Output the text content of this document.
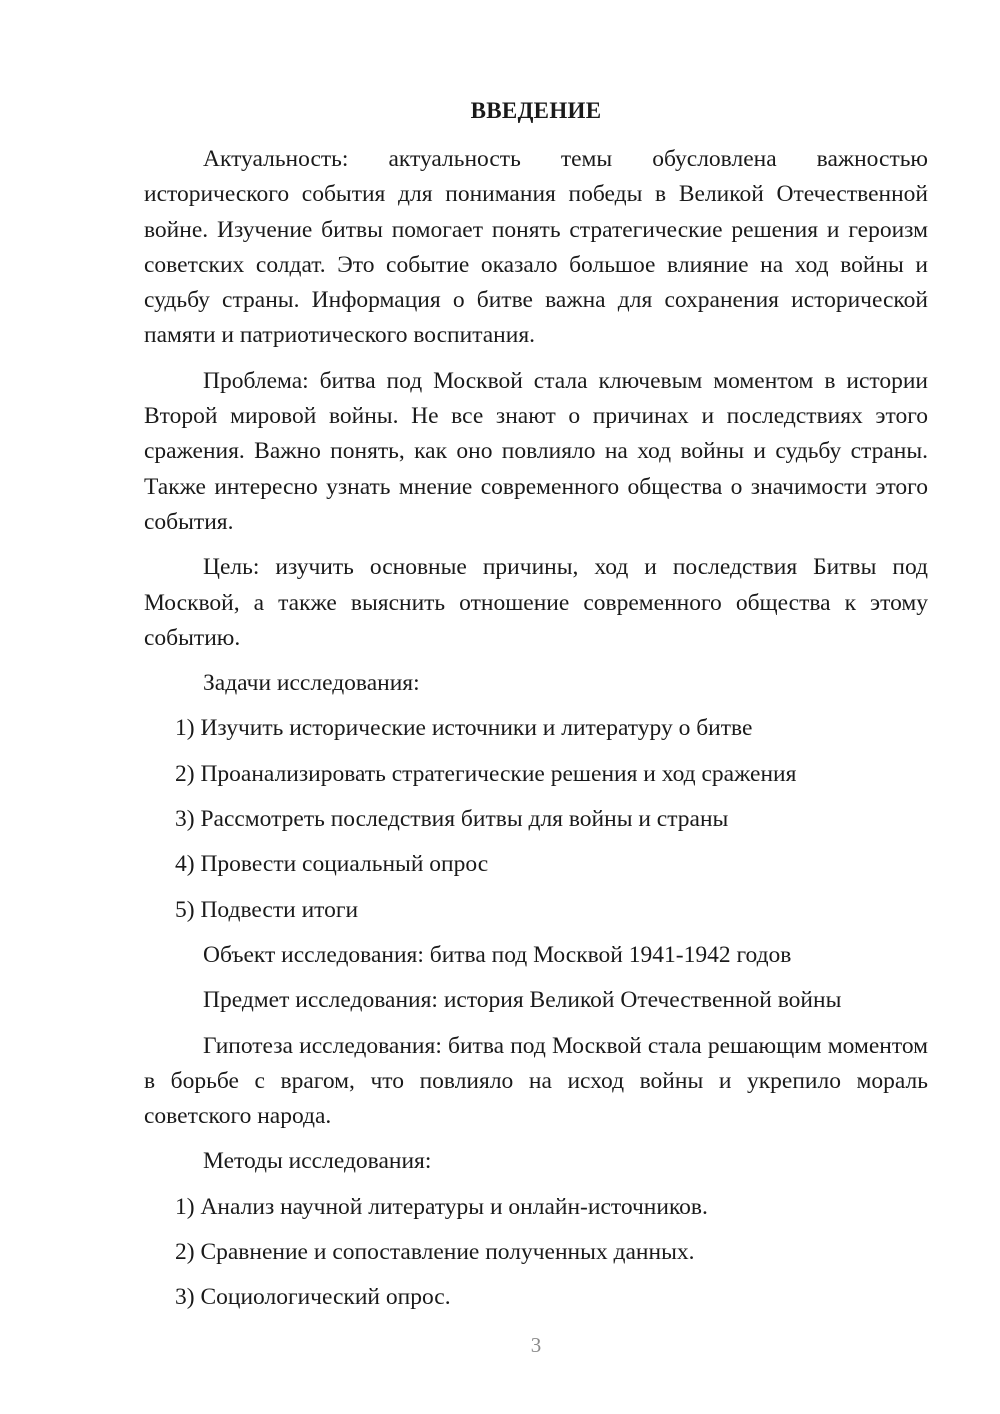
ВВЕДЕНИЕ

Актуальность: актуальность темы обусловлена важностью исторического события для понимания победы в Великой Отечественной войне. Изучение битвы помогает понять стратегические решения и героизм советских солдат. Это событие оказало большое влияние на ход войны и судьбу страны. Информация о битве важна для сохранения исторической памяти и патриотического воспитания.

Проблема: битва под Москвой стала ключевым моментом в истории Второй мировой войны. Не все знают о причинах и последствиях этого сражения. Важно понять, как оно повлияло на ход войны и судьбу страны. Также интересно узнать мнение современного общества о значимости этого события.

Цель: изучить основные причины, ход и последствия Битвы под Москвой, а также выяснить отношение современного общества к этому событию.

Задачи исследования:

1) Изучить исторические источники и литературу о битве

2) Проанализировать стратегические решения и ход сражения

3) Рассмотреть последствия битвы для войны и страны

4) Провести социальный опрос

5) Подвести итоги

Объект исследования: битва под Москвой 1941-1942 годов

Предмет исследования: история Великой Отечественной войны

Гипотеза исследования: битва под Москвой стала решающим моментом в борьбе с врагом, что повлияло на исход войны и укрепило мораль советского народа.

Методы исследования:

1) Анализ научной литературы и онлайн-источников.

2) Сравнение и сопоставление полученных данных.

3) Социологический опрос.

3
